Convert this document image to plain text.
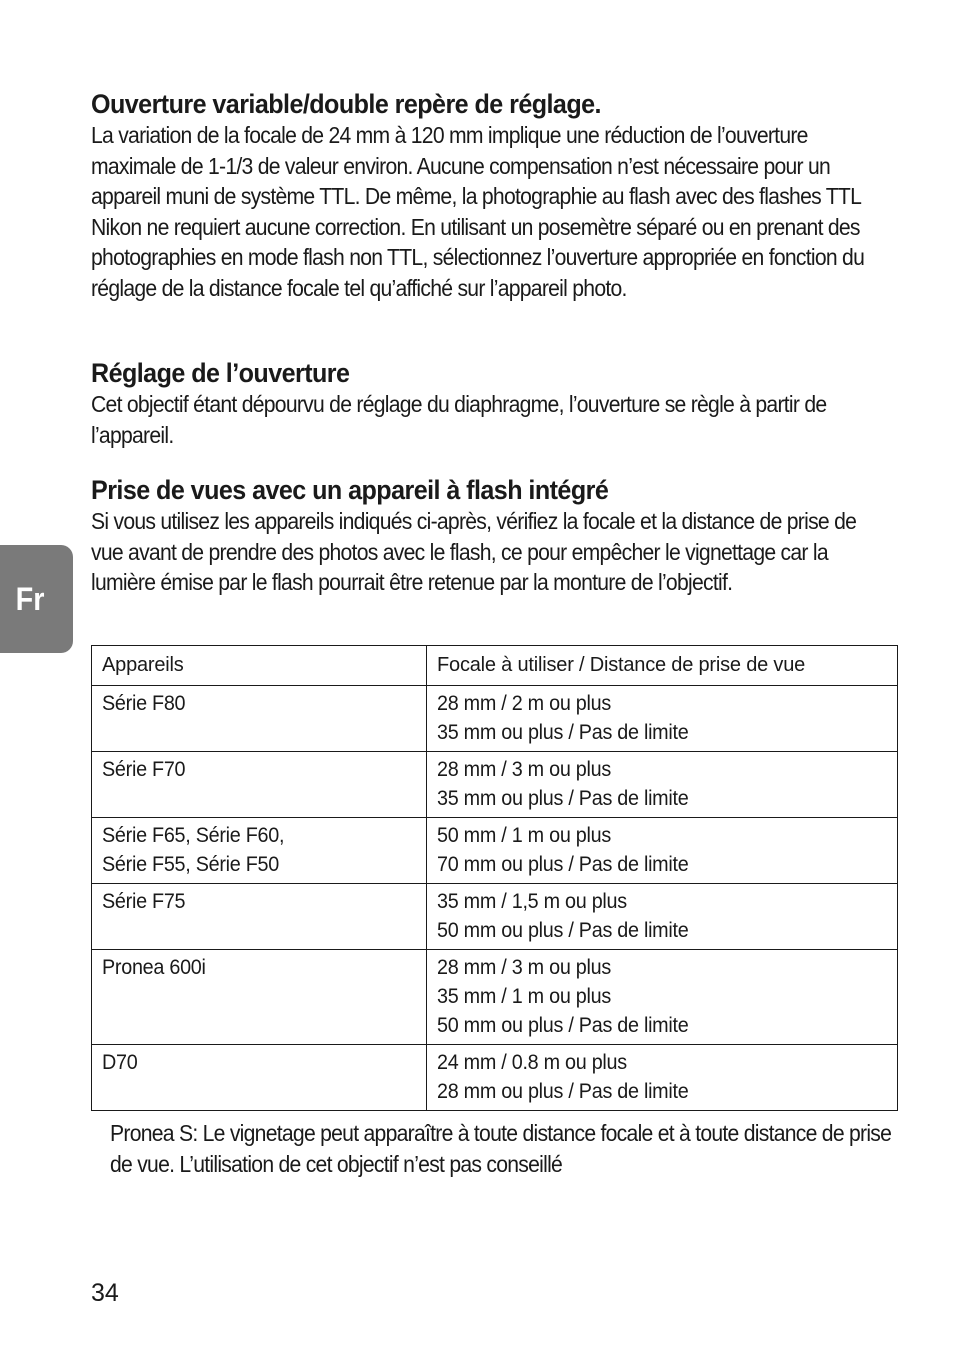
Ouverture variable/double repère de réglage.

La variation de la focale de 24 mm à 120 mm implique une réduction de l’ouverture maximale de 1-1/3 de valeur environ. Aucune compensation n’est nécessaire pour un appareil muni de système TTL. De même, la photographie au flash avec des flashes TTL Nikon ne requiert aucune correction. En utilisant un posemètre séparé ou en prenant des photographies en mode flash non TTL, sélectionnez l’ouverture appropriée en fonction du réglage de la distance focale tel qu’affiché sur l’appareil photo.

Réglage de l’ouverture

Cet objectif étant dépourvu de réglage du diaphragme, l’ouverture se règle à partir de l’appareil.

Prise de vues avec un appareil à flash intégré

Si vous utilisez les appareils indiqués ci-après, vérifiez la focale et la distance de prise de vue avant de prendre des photos avec le flash, ce pour empêcher le vignettage car la lumière émise par le flash pourrait être retenue par la monture de l’objectif.

Fr
Appareils	Focale à utiliser / Distance de prise de vue

Série F80	28 mm / 2 m ou plus
35 mm ou plus / Pas de limite

Série F70	28 mm / 3 m ou plus
35 mm ou plus / Pas de limite

Série F65, Série F60,
Série F55, Série F50	50 mm / 1 m ou plus
70 mm ou plus / Pas de limite

Série F75	35 mm / 1,5 m ou plus
50 mm ou plus / Pas de limite

Pronea 600i	28 mm / 3 m ou plus
35 mm / 1 m ou plus
50 mm ou plus / Pas de limite

D70	24 mm / 0.8 m ou plus
28 mm ou plus / Pas de limite

Pronea S: Le vignetage peut apparaître à toute distance focale et à toute distance de prise de vue. L’utilisation de cet objectif n’est pas conseillé

34
